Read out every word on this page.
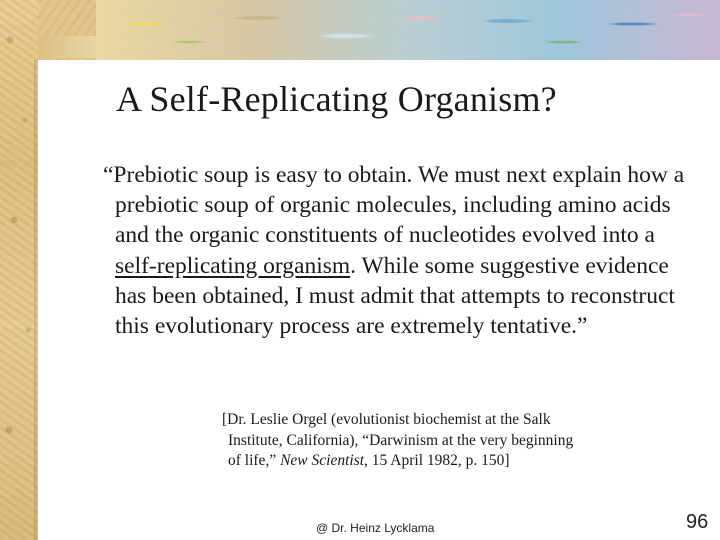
A Self-Replicating Organism?
“Prebiotic soup is easy to obtain. We must next explain how a prebiotic soup of organic molecules, including amino acids and the organic constituents of nucleotides evolved into a self-replicating organism. While some suggestive evidence has been obtained, I must admit that attempts to reconstruct this evolutionary process are extremely tentative.”
[Dr. Leslie Orgel (evolutionist biochemist at the Salk
Institute, California), “Darwinism at the very beginning
of life,” New Scientist, 15 April 1982, p. 150]
@ Dr. Heinz Lycklama	96
